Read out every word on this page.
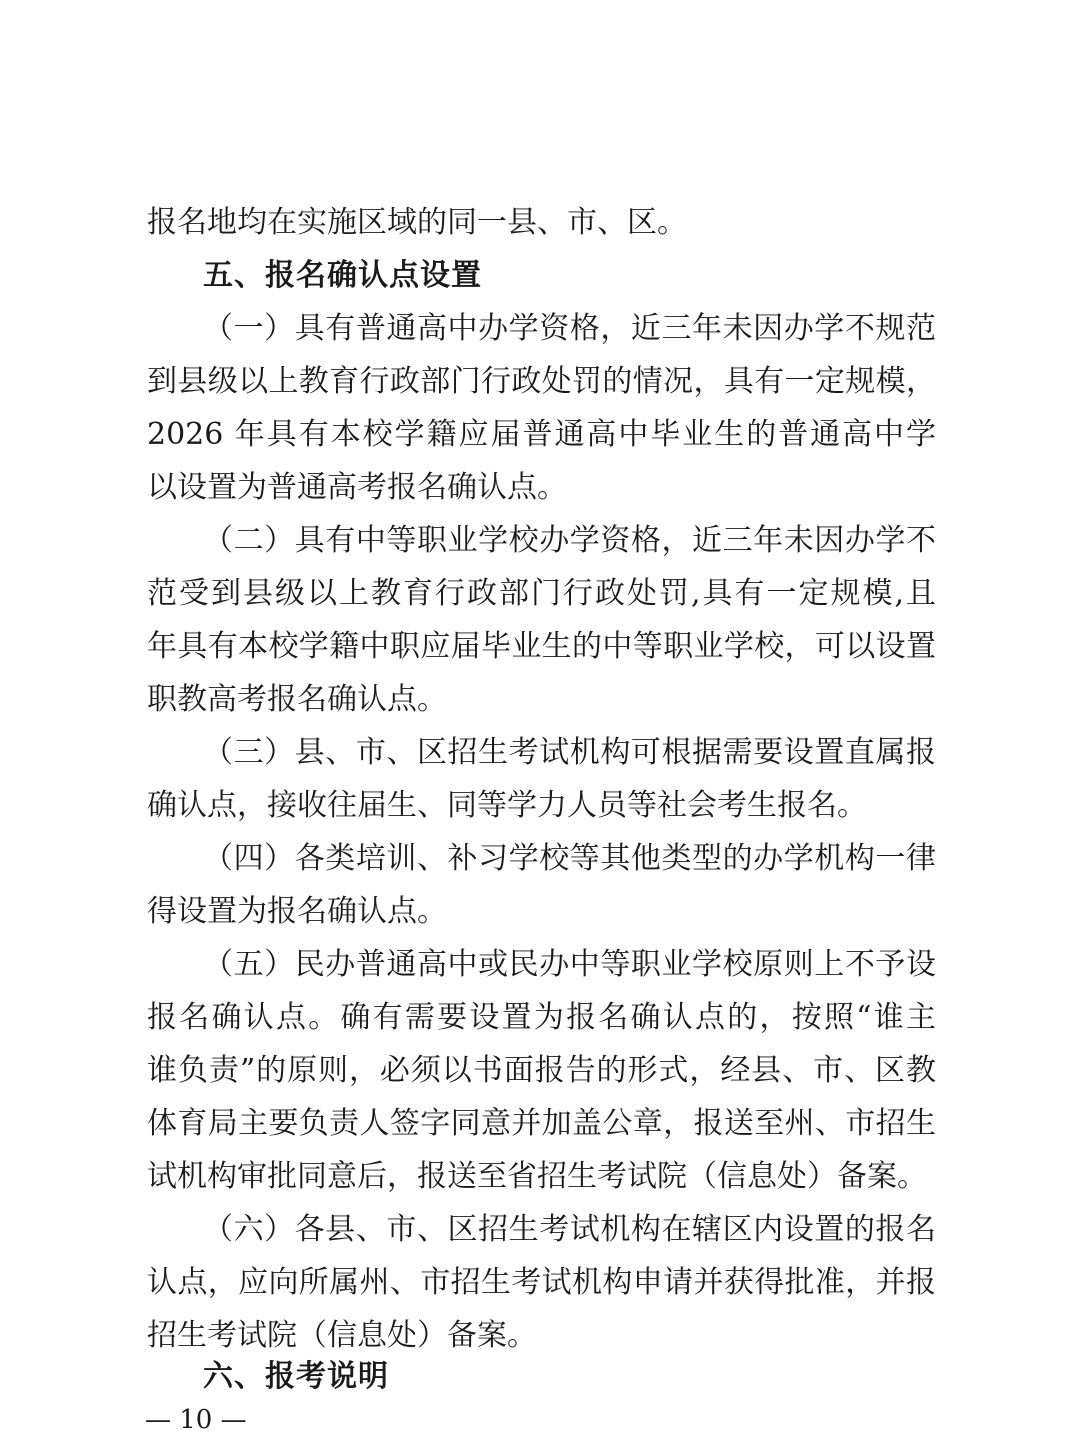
报名地均在实施区域的同一县、市、区。
五、报名确认点设置
（一）具有普通高中办学资格，近三年未因办学不规范
到县级以上教育行政部门行政处罚的情况，具有一定规模，
2026 年具有本校学籍应届普通高中毕业生的普通高中学
以设置为普通高考报名确认点。
（二）具有中等职业学校办学资格，近三年未因办学不
范受到县级以上教育行政部门行政处罚,具有一定规模,且
年具有本校学籍中职应届毕业生的中等职业学校，可以设置
职教高考报名确认点。
（三）县、市、区招生考试机构可根据需要设置直属报
确认点，接收往届生、同等学力人员等社会考生报名。
（四）各类培训、补习学校等其他类型的办学机构一律
得设置为报名确认点。
（五）民办普通高中或民办中等职业学校原则上不予设
报名确认点。确有需要设置为报名确认点的，按照“谁主
谁负责”的原则，必须以书面报告的形式，经县、市、区教
体育局主要负责人签字同意并加盖公章，报送至州、市招生
试机构审批同意后，报送至省招生考试院（信息处）备案。
（六）各县、市、区招生考试机构在辖区内设置的报名
认点，应向所属州、市招生考试机构申请并获得批准，并报
招生考试院（信息处）备案。
六、报考说明
— 10 —
